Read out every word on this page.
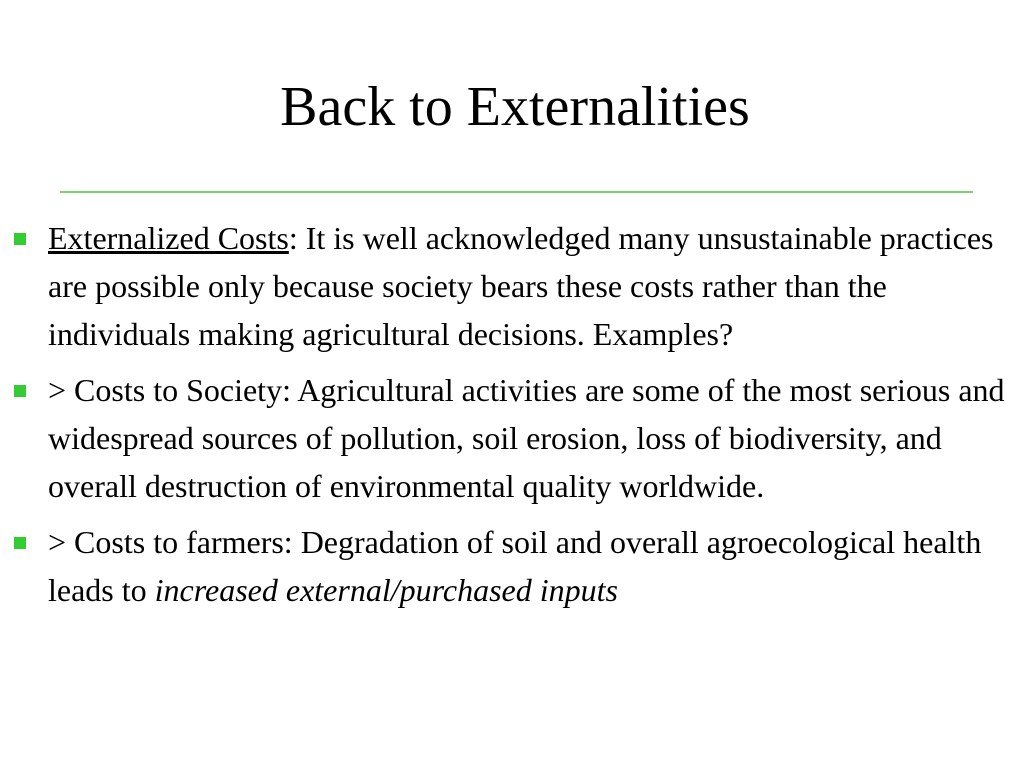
Back to Externalities
Externalized Costs: It is well acknowledged many unsustainable practices are possible only because society bears these costs rather than the individuals making agricultural decisions. Examples?
> Costs to Society: Agricultural activities are some of the most serious and widespread sources of pollution, soil erosion, loss of biodiversity, and overall destruction of environmental quality worldwide.
> Costs to farmers: Degradation of soil and overall agroecological health leads to increased external/purchased inputs
